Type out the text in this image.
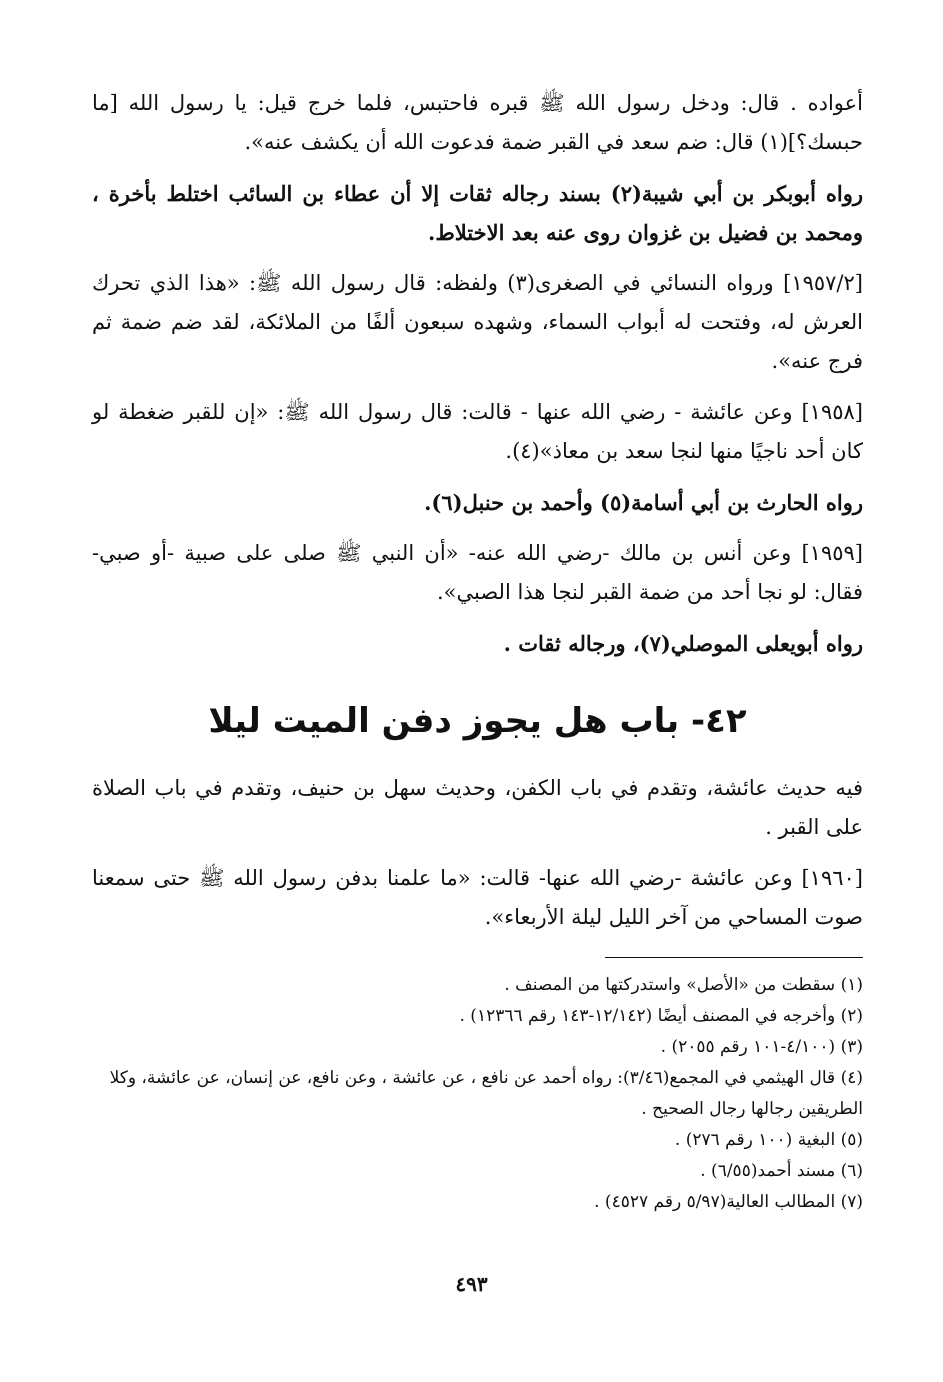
أعواده . قال: ودخل رسول الله ﷺ قبره فاحتبس، فلما خرج قيل: يا رسول الله [ما حبسك؟](١) قال: ضم سعد في القبر ضمة فدعوت الله أن يكشف عنه».

رواه أبوبكر بن أبي شيبة(٢) بسند رجاله ثقات إلا أن عطاء بن السائب اختلط بأخرة ، ومحمد بن فضيل بن غزوان روى عنه بعد الاختلاط.

[١٩٥٧/٢] ورواه النسائي في الصغرى(٣) ولفظه: قال رسول الله ﷺ: «هذا الذي تحرك العرش له، وفتحت له أبواب السماء، وشهده سبعون ألفًا من الملائكة، لقد ضم ضمة ثم فرج عنه».

[١٩٥٨] وعن عائشة - رضي الله عنها - قالت: قال رسول الله ﷺ: «إن للقبر ضغطة لو كان أحد ناجيًا منها لنجا سعد بن معاذ»(٤).

رواه الحارث بن أبي أسامة(٥) وأحمد بن حنبل(٦).

[١٩٥٩] وعن أنس بن مالك -رضي الله عنه- «أن النبي ﷺ صلى على صبية -أو صبي- فقال: لو نجا أحد من ضمة القبر لنجا هذا الصبي».

رواه أبويعلى الموصلي(٧)، ورجاله ثقات .

٤٢- باب هل يجوز دفن الميت ليلا

فيه حديث عائشة، وتقدم في باب الكفن، وحديث سهل بن حنيف، وتقدم في باب الصلاة على القبر .

[١٩٦٠] وعن عائشة -رضي الله عنها- قالت: «ما علمنا بدفن رسول الله ﷺ حتى سمعنا صوت المساحي من آخر الليل ليلة الأربعاء».

(١) سقطت من «الأصل» واستدركتها من المصنف .

(٢) وأخرجه في المصنف أيضًا (١٢/١٤٢-١٤٣ رقم ١٢٣٦٦) .

(٣) (٤/١٠٠-١٠١ رقم ٢٠٥٥) .

(٤) قال الهيثمي في المجمع(٣/٤٦): رواه أحمد عن نافع ، عن عائشة ، وعن نافع، عن إنسان، عن عائشة، وكلا الطريقين رجالها رجال الصحيح .

(٥) البغية (١٠٠ رقم ٢٧٦) .

(٦) مسند أحمد(٦/٥٥) .

(٧) المطالب العالية(٥/٩٧ رقم ٤٥٢٧) .

٤٩٣
